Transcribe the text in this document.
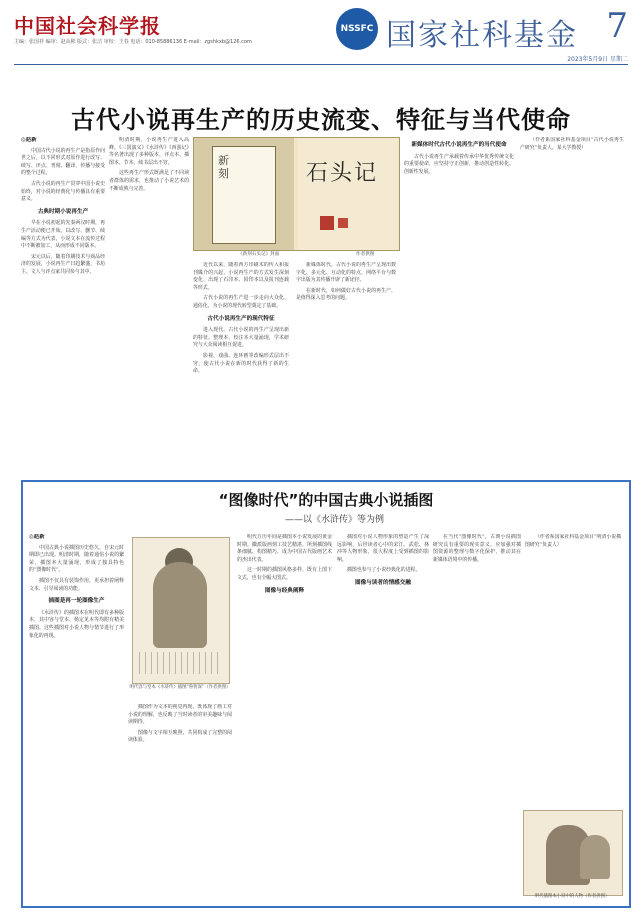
中国社会科学报
主编：张国祥 编审：赵从彬 版式：张洁 审校：王春 电话：010-85886136 E-mail：zgshkxb@126.com
NSSFC 国家社科基金 7
2023年5月9日 星期二
古代小说再生产的历史流变、特征与当代使命
◎赵新

中国古代小说的再生产是指原作问世之后，以不同形式对原作进行改写、续写、评点、刊刻、翻译、传播与接受的整个过程。

古代小说的再生产贯穿中国小说史始终，对小说的经典化与传播具有重要意义。

古典时期小说再生产

早在小说初起的先秦两汉时期，再生产活动便已开始。以改写、删节、续编等方式为代表，小说文本在流传过程中不断被加工，从而形成不同版本。

宋元以后，随着印刷技术与商品经济的发展，小说再生产日趋繁盛，书坊主、文人与评点家共同参与其中。

明清时期，小说再生产进入高峰。《三国演义》《水浒传》《西游记》等名著出现了多种版本，评点本、插图本、节本、续书层出不穷。

这些再生产形式既满足了不同读者群体的需求，也推动了小说艺术的不断成熟与完善。

新刻	石头记
《新刻石头记》封面	作者供图

近代以来，随着西方印刷术的传入和报刊媒介的兴起，小说再生产的方式发生深刻变化，出现了石印本、铅印本以及报刊连载等形式。

古代小说的再生产进一步走向大众化、通俗化，为小说的现代转型奠定了基础。

古代小说再生产的现代特征

进入现代，古代小说的再生产呈现出新的特征。整理本、校注本大量涌现，学术研究与大众阅读相互促进。

影视、戏曲、连环画等改编形式层出不穷，使古代小说在新的时代获得了新的生命。

新媒体时代，古代小说的再生产呈现出数字化、多元化、互动化的特点，网络平台与数字出版为其传播开辟了新途径。

在新时代，如何做好古代小说的再生产，是值得深入思考的问题。

新媒体时代古代小说再生产的当代使命

古代小说再生产承载着传承中华优秀传统文化的重要使命，应坚持守正创新，推动创造性转化、创新性发展。

（作者系国家社科基金项目“古代小说再生产研究”负责人、某大学教授）

“图像时代”的中国古典小说插图
——以《水浒传》等为例
◎赵新

中国古典小说插图历史悠久，自宋元时期即已出现。明清时期，随着通俗小说的繁荣，插图本大量涌现，形成了独具特色的“图像时代”。

插图不仅具有装饰作用，更承担着阐释文本、引导阅读的功能。

插图是再一轮图像生产

《水浒传》的插图本在明代即有多种版本，其中容与堂本、杨定见本等均附有精美插图。这些插图对小说人物与情节进行了形象化的再现。

明代容与堂本《水浒传》插图“鲁智深”（作者供图）

插图作为文本的视觉再现，既体现了画工对小说的理解，也反映了当时读者的审美趣味与阅读期待。

图像与文字相互映照，共同构成了完整的阅读体验。

明代万历年间是插图本小说发展的黄金时期。徽派版画刻工技艺精湛，所刻插图线条细腻、构图精巧，成为中国古代版画艺术的杰出代表。

这一时期的插图风格多样，既有上图下文式，也有全幅大图式。

图像与经典阐释

插图对小说人物形象的塑造产生了深远影响。后世读者心中的宋江、武松、林冲等人物形象，很大程度上受到插图的影响。

插图也参与了小说经典化的进程。

图像与读者的情感交融

在当代“图像时代”，古典小说插图研究具有重要的现实意义。应加强对插图资源的整理与数字化保护，推动其在新媒体语境中的传播。

（作者系国家社科基金项目“明清小说插图研究”负责人）

明代插图本小说中的人物（作者供图）
